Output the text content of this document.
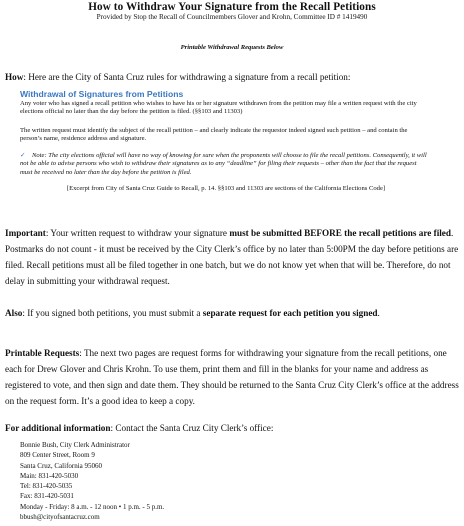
How to Withdraw Your Signature from the Recall Petitions
Provided by Stop the Recall of Councilmembers Glover and Krohn, Committee ID # 1419490
Printable Withdrawal Requests Below
How: Here are the City of Santa Cruz rules for withdrawing a signature from a recall petition:
Withdrawal of Signatures from Petitions
Any voter who has signed a recall petition who wishes to have his or her signature withdrawn from the petition may file a written request with the city elections official no later than the day before the petition is filed. (§§103 and 11303)
The written request must identify the subject of the recall petition – and clearly indicate the requestor indeed signed such petition – and contain the person’s name, residence address and signature.
✓ Note: The city elections official will have no way of knowing for sure when the proponents will choose to file the recall petitions. Consequently, it will not be able to advise persons who wish to withdraw their signatures as to any “deadline” for filing their requests – other than the fact that the request must be received no later than the day before the petition is filed.
[Excerpt from City of Santa Cruz Guide to Recall, p. 14. §§103 and 11303 are sections of the California Elections Code]
Important: Your written request to withdraw your signature must be submitted BEFORE the recall petitions are filed. Postmarks do not count - it must be received by the City Clerk’s office by no later than 5:00PM the day before petitions are filed. Recall petitions must all be filed together in one batch, but we do not know yet when that will be. Therefore, do not delay in submitting your withdrawal request.
Also: If you signed both petitions, you must submit a separate request for each petition you signed.
Printable Requests: The next two pages are request forms for withdrawing your signature from the recall petitions, one each for Drew Glover and Chris Krohn. To use them, print them and fill in the blanks for your name and address as registered to vote, and then sign and date them. They should be returned to the Santa Cruz City Clerk’s office at the address on the request form. It’s a good idea to keep a copy.
For additional information: Contact the Santa Cruz City Clerk’s office:
Bonnie Bush, City Clerk Administrator
809 Center Street, Room 9
Santa Cruz, California 95060
Main: 831-420-5030
Tel: 831-420-5035
Fax: 831-420-5031
Monday - Friday: 8 a.m. - 12 noon • 1 p.m. - 5 p.m.
bbush@cityofsantacruz.com
